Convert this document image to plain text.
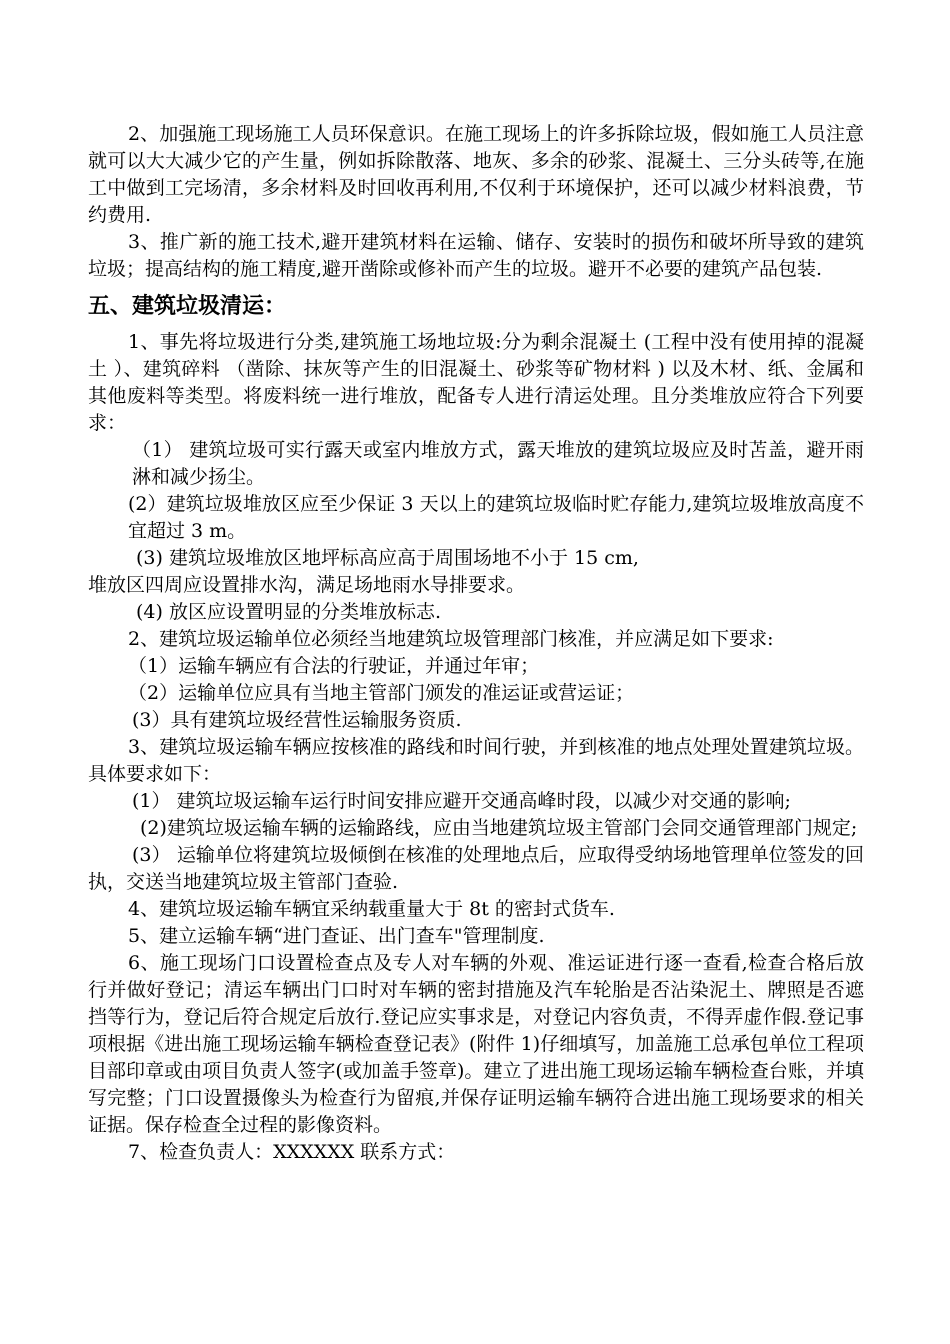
2、加强施工现场施工人员环保意识。在施工现场上的许多拆除垃圾，假如施工人员注意就可以大大减少它的产生量，例如拆除散落、地灰、多余的砂浆、混凝土、三分头砖等,在施工中做到工完场清，多余材料及时回收再利用,不仅利于环境保护，还可以减少材料浪费，节约费用.

3、推广新的施工技术,避开建筑材料在运输、储存、安装时的损伤和破坏所导致的建筑垃圾；提高结构的施工精度,避开凿除或修补而产生的垃圾。避开不必要的建筑产品包装.

五、建筑垃圾清运：

1、事先将垃圾进行分类,建筑施工场地垃圾:分为剩余混凝土 (工程中没有使用掉的混凝土 ）、建筑碎料 （凿除、抹灰等产生的旧混凝土、砂浆等矿物材料 ) 以及木材、纸、金属和其他废料等类型。将废料统一进行堆放，配备专人进行清运处理。且分类堆放应符合下列要求：

（1） 建筑垃圾可实行露天或室内堆放方式，露天堆放的建筑垃圾应及时苫盖，避开雨淋和减少扬尘。

(2）建筑垃圾堆放区应至少保证 3 天以上的建筑垃圾临时贮存能力,建筑垃圾堆放高度不宜超过 3 m。

(3) 建筑垃圾堆放区地坪标高应高于周围场地不小于 15 cm,

堆放区四周应设置排水沟，满足场地雨水导排要求。

(4) 放区应设置明显的分类堆放标志.

2、建筑垃圾运输单位必须经当地建筑垃圾管理部门核准，并应满足如下要求:

（1）运输车辆应有合法的行驶证，并通过年审；

（2）运输单位应具有当地主管部门颁发的准运证或营运证；

(3）具有建筑垃圾经营性运输服务资质.

3、建筑垃圾运输车辆应按核准的路线和时间行驶，并到核准的地点处理处置建筑垃圾。具体要求如下：

(1） 建筑垃圾运输车运行时间安排应避开交通高峰时段，以减少对交通的影响;

(2)建筑垃圾运输车辆的运输路线，应由当地建筑垃圾主管部门会同交通管理部门规定;

(3） 运输单位将建筑垃圾倾倒在核准的处理地点后，应取得受纳场地管理单位签发的回执，交送当地建筑垃圾主管部门查验.

4、建筑垃圾运输车辆宜采纳载重量大于 8t 的密封式货车.

5、建立运输车辆“进门查证、出门查车"管理制度.

6、施工现场门口设置检查点及专人对车辆的外观、准运证进行逐一查看,检查合格后放行并做好登记；清运车辆出门口时对车辆的密封措施及汽车轮胎是否沾染泥土、牌照是否遮挡等行为，登记后符合规定后放行.登记应实事求是，对登记内容负责，不得弄虚作假.登记事项根据《进出施工现场运输车辆检查登记表》(附件 1)仔细填写，加盖施工总承包单位工程项目部印章或由项目负责人签字(或加盖手签章)。建立了进出施工现场运输车辆检查台账，并填写完整；门口设置摄像头为检查行为留痕,并保存证明运输车辆符合进出施工现场要求的相关证据。保存检查全过程的影像资料。

7、检查负责人：XXXXXX 联系方式：
